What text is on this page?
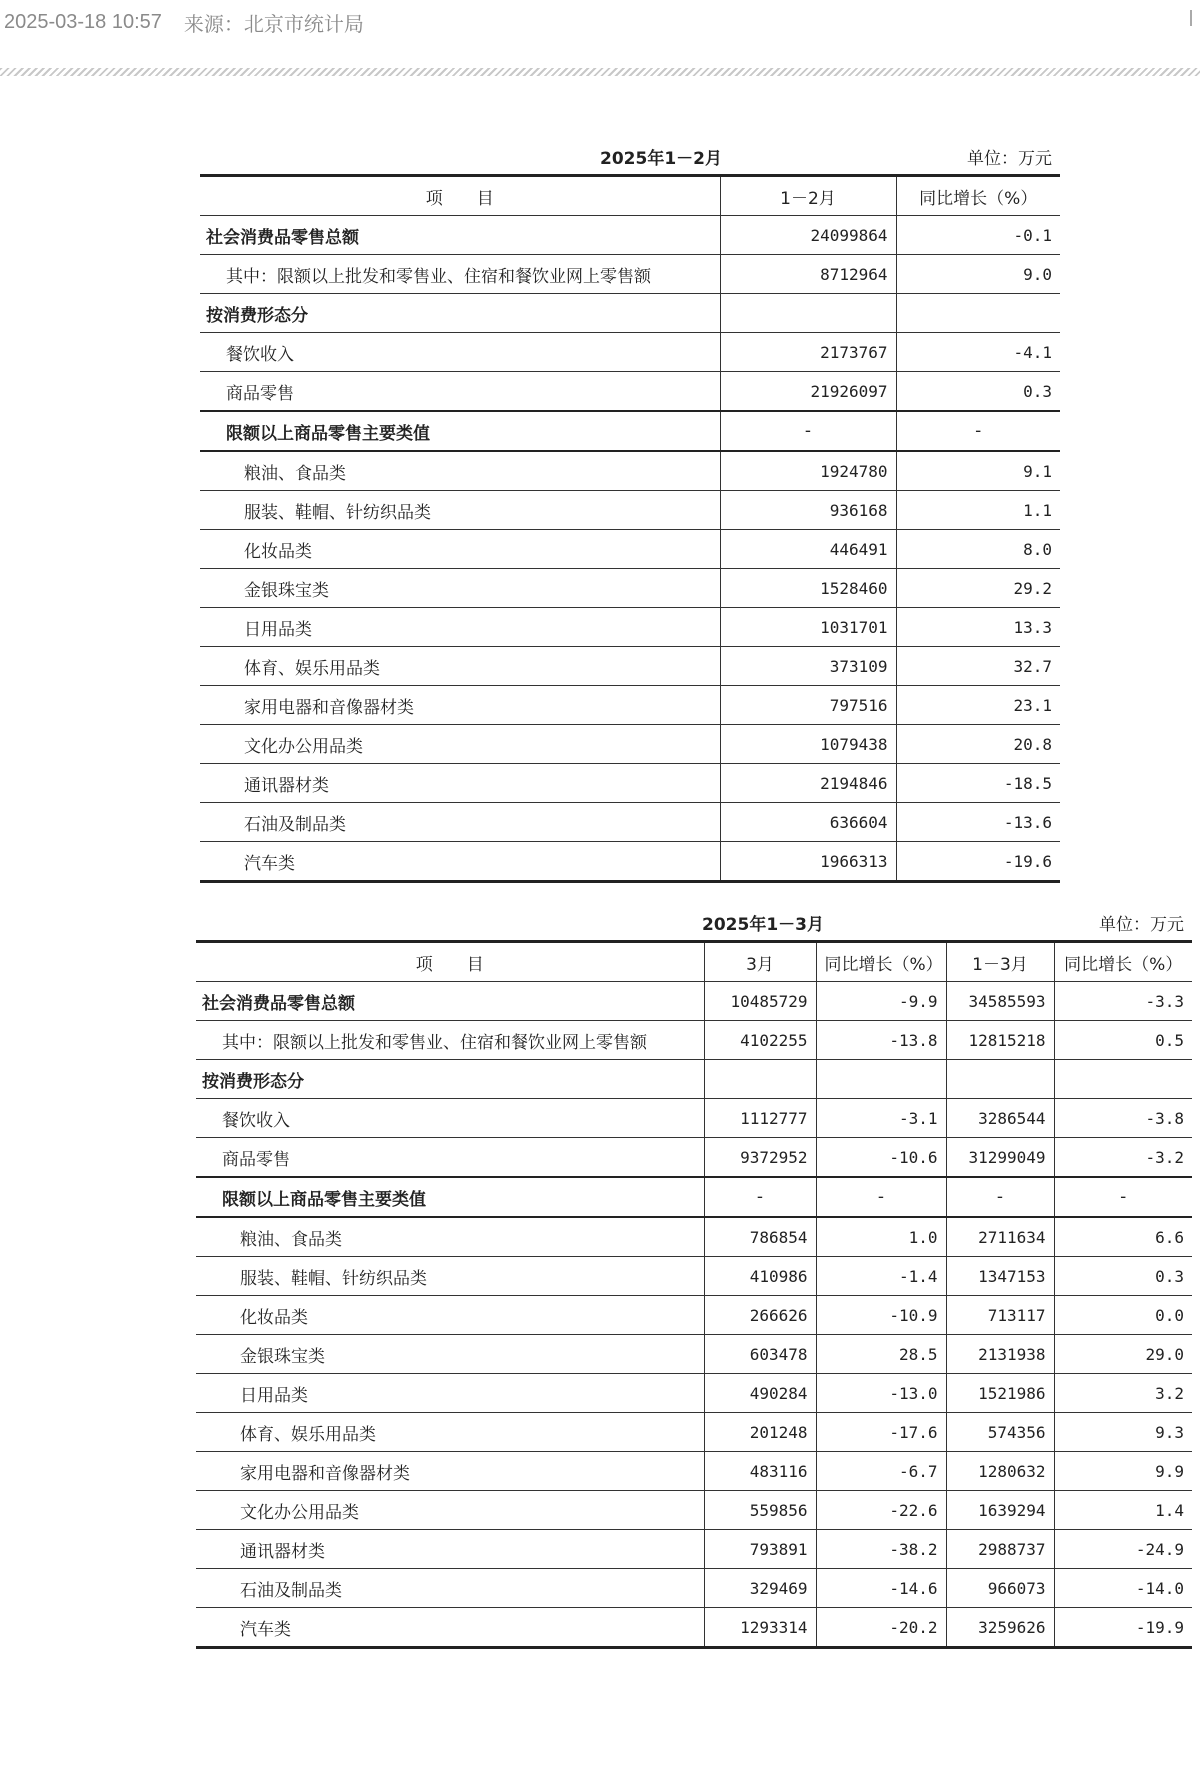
2025-03-18 10:57 来源：北京市统计局
2025年1－2月	单位：万元
项　　目	1－2月	同比增长（%）
社会消费品零售总额	24099864	-0.1
其中：限额以上批发和零售业、住宿和餐饮业网上零售额	8712964	9.0
按消费形态分		
餐饮收入	2173767	-4.1
商品零售	21926097	0.3
限额以上商品零售主要类值	-	-
粮油、食品类	1924780	9.1
服装、鞋帽、针纺织品类	936168	1.1
化妆品类	446491	8.0
金银珠宝类	1528460	29.2
日用品类	1031701	13.3
体育、娱乐用品类	373109	32.7
家用电器和音像器材类	797516	23.1
文化办公用品类	1079438	20.8
通讯器材类	2194846	-18.5
石油及制品类	636604	-13.6
汽车类	1966313	-19.6
2025年1－3月	单位：万元
项　　目	3月	同比增长（%）	1－3月	同比增长（%）
社会消费品零售总额	10485729	-9.9	34585593	-3.3
其中：限额以上批发和零售业、住宿和餐饮业网上零售额	4102255	-13.8	12815218	0.5
按消费形态分				
餐饮收入	1112777	-3.1	3286544	-3.8
商品零售	9372952	-10.6	31299049	-3.2
限额以上商品零售主要类值	-	-	-	-
粮油、食品类	786854	1.0	2711634	6.6
服装、鞋帽、针纺织品类	410986	-1.4	1347153	0.3
化妆品类	266626	-10.9	713117	0.0
金银珠宝类	603478	28.5	2131938	29.0
日用品类	490284	-13.0	1521986	3.2
体育、娱乐用品类	201248	-17.6	574356	9.3
家用电器和音像器材类	483116	-6.7	1280632	9.9
文化办公用品类	559856	-22.6	1639294	1.4
通讯器材类	793891	-38.2	2988737	-24.9
石油及制品类	329469	-14.6	966073	-14.0
汽车类	1293314	-20.2	3259626	-19.9
